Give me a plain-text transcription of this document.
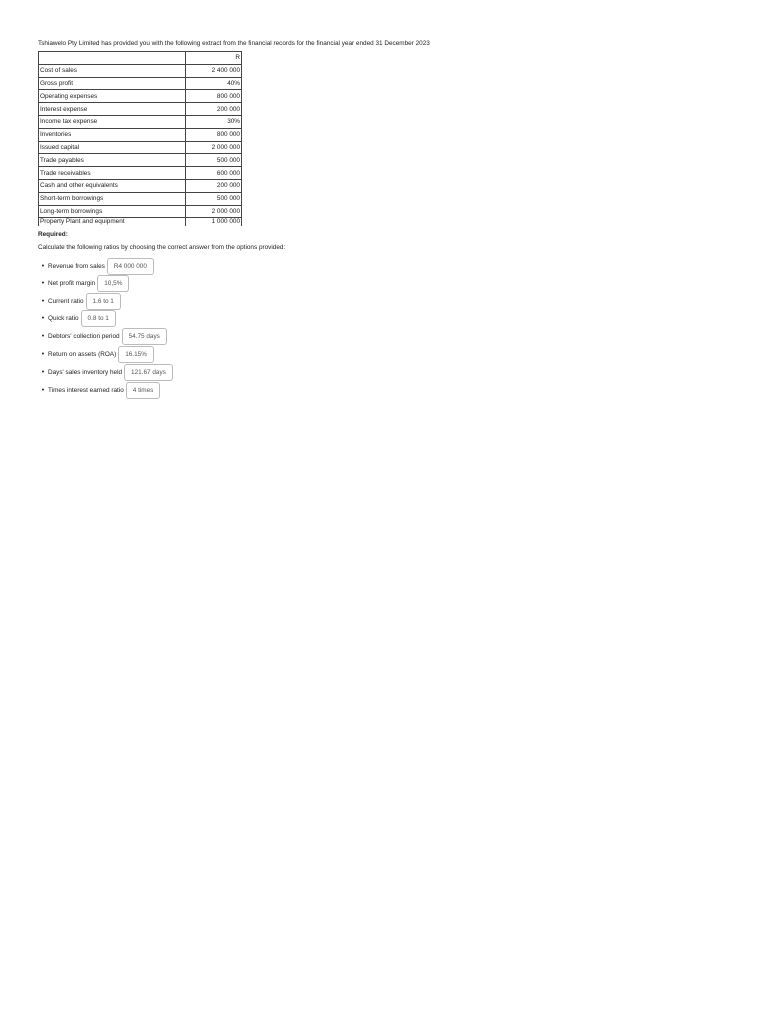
Tshiawelo Pty Limited has provided you with the following extract from the financial records for the financial year ended 31 December 2023
	R
Cost of sales	2 400 000
Gross profit	40%
Operating expenses	800 000
Interest expense	200 000
Income tax expense	30%
Inventories	800 000
Issued capital	2 000 000
Trade payables	500 000
Trade receivables	600 000
Cash and other equivalents	200 000
Short-term borrowings	500 000
Long-term borrowings	2 000 000
Property Plant and equipment	1 000 000
Required:
Calculate the following ratios by choosing the correct answer from the options provided:
• Revenue from sales	R4 000 000
• Net profit margin	10,5%
• Current ratio	1.6 to 1
• Quick ratio	0.8 to 1
• Debtors' collection period	54.75 days
• Return on assets (ROA)	16.15%
• Days' sales inventory held	121.67 days
• Times interest earned ratio	4 times
